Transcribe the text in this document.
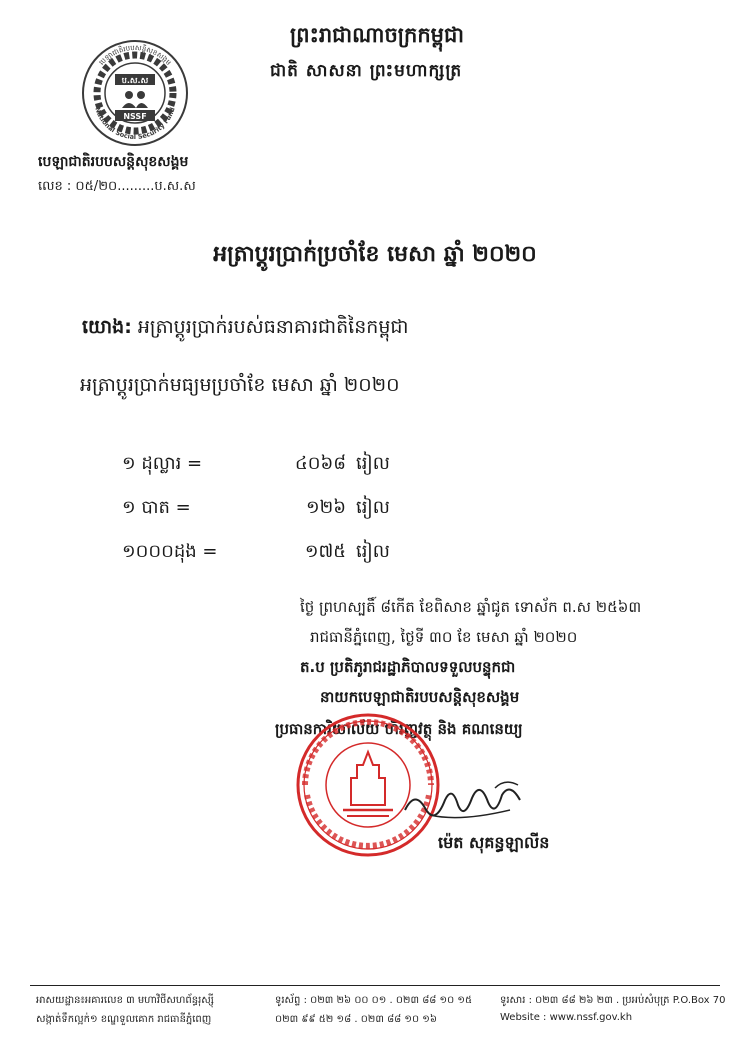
ព្រះរាជាណាចក្រកម្ពុជា
ជាតិ សាសនា ព្រះមហាក្សត្រ
ប.ស.ស
NSSF
បេឡាជាតិរបបសន្តិសុខសង្គម
National Social Security Fund
បេឡាជាតិរបបសន្តិសុខសង្គម
លេខ : ០៥/២០.........ប.ស.ស
អត្រាប្តូរប្រាក់ប្រចាំខែ មេសា ឆ្នាំ ២០២០
យោង: អត្រាប្តូរប្រាក់របស់ធនាគារជាតិនៃកម្ពុជា
អត្រាប្តូរប្រាក់មធ្យមប្រចាំខែ មេសា ឆ្នាំ ២០២០
១ ដុល្លារ =	៤០៦៨ រៀល
១ បាត =	១២៦ រៀល
១០០០ដុង =	១៧៥ រៀល
ថ្ងៃ ព្រហស្បតិ៍ ៨កើត ខែពិសាខ ឆ្នាំជូត ទោស័ក ព.ស ២៥៦៣
រាជធានីភ្នំពេញ, ថ្ងៃទី ៣០ ខែ មេសា ឆ្នាំ ២០២០
ត.ប ប្រតិភូរាជរដ្ឋាភិបាលទទួលបន្ទុកជា
នាយកបេឡាជាតិរបបសន្តិសុខសង្គម
ប្រធានការិយាល័យ ហិរញ្ញវត្ថុ និង គណនេយ្យ
ម៉េត សុគន្ធឡាលីន
អាសយដ្ឋាន៖អគារលេខ ៣ មហាវិថីសហព័ន្ធរុស្ស៊ី
សង្កាត់ទឹកល្អក់១ ខណ្ឌទួលគោក រាជធានីភ្នំពេញ
ទូរស័ព្ទ : ០២៣ ២៦ ០០ ០១ . ០២៣ ៨៨ ១០ ១៥
០២៣ ៩៩ ៥២ ១៨ . ០២៣ ៨៨ ១០ ១៦
ទូរសារ : ០២៣ ៨៨ ២៦ ២៣ . ប្រអប់សំបុត្រ P.O.Box 70
Website : www.nssf.gov.kh
